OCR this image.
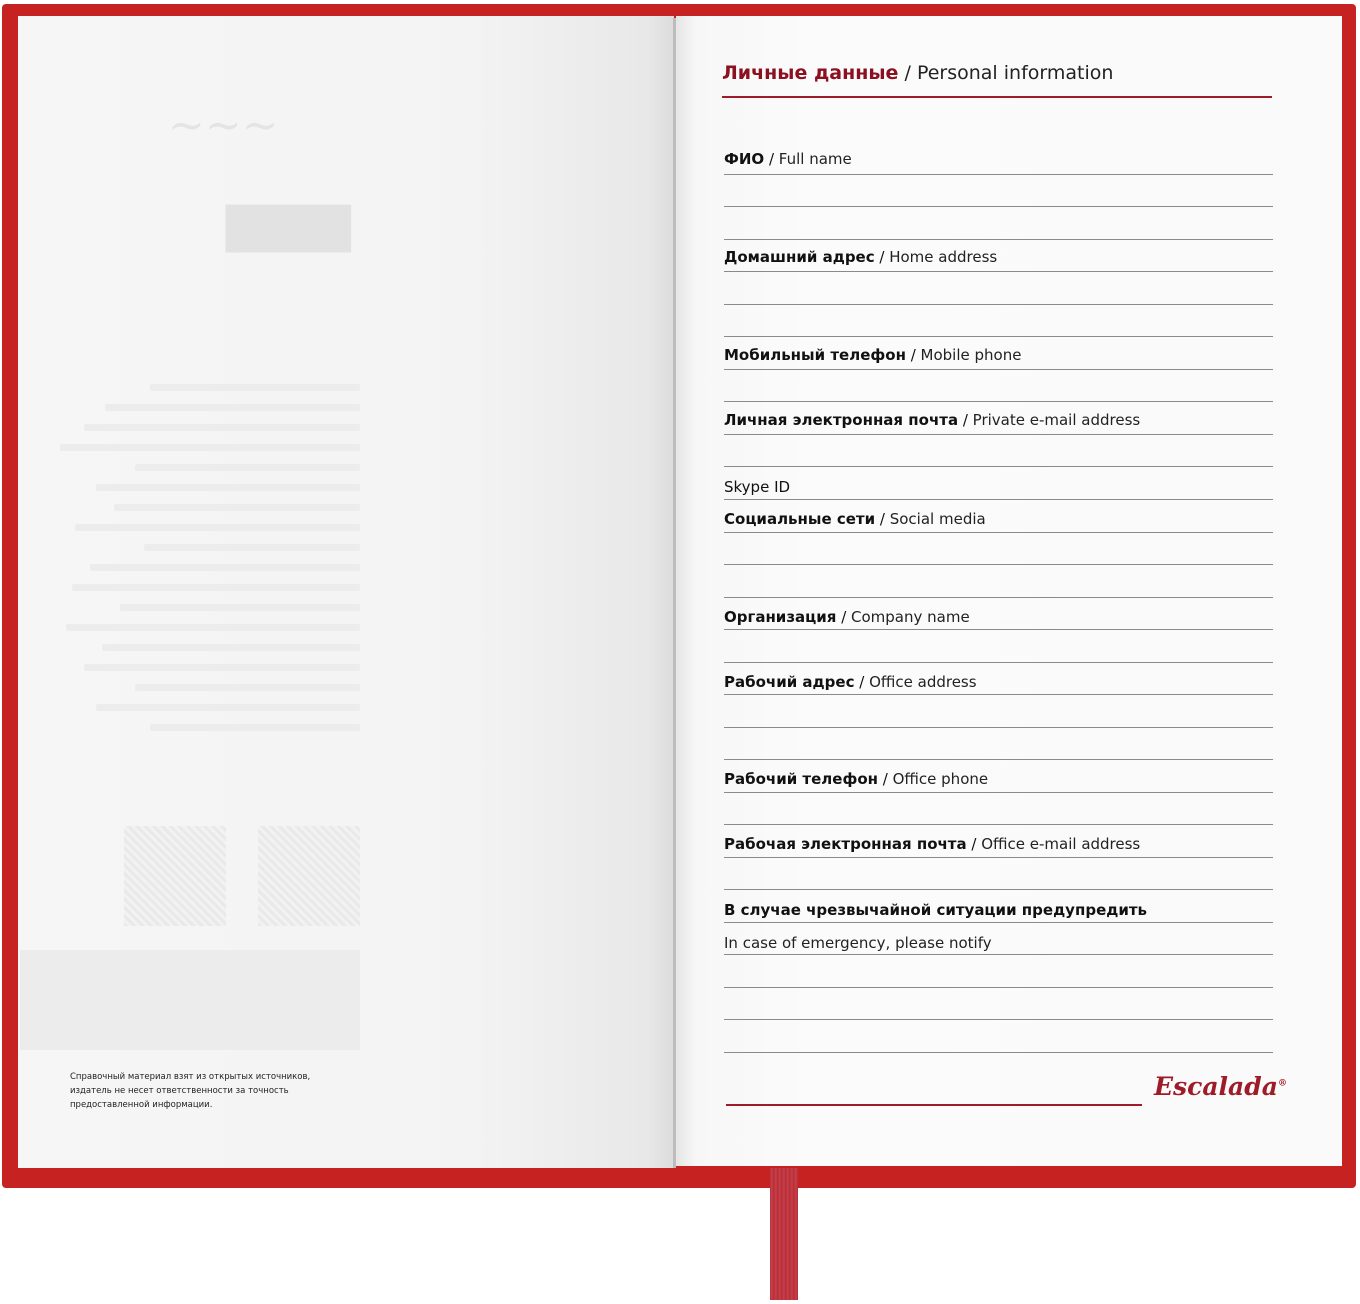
∼∼∼
▆▆▆
Справочный материал взят из открытых источников, издатель не несет ответственности за точность предоставленной информации.
Личные данные / Personal information
ФИО / Full name
Домашний адрес / Home address
Мобильный телефон / Mobile phone
Личная электронная почта / Private e-mail address
Skype ID
Социальные сети / Social media
Организация / Company name
Рабочий адрес / Office address
Рабочий телефон / Office phone
Рабочая электронная почта / Office e-mail address
В случае чрезвычайной ситуации предупредить
In case of emergency, please notify
Escalada®
